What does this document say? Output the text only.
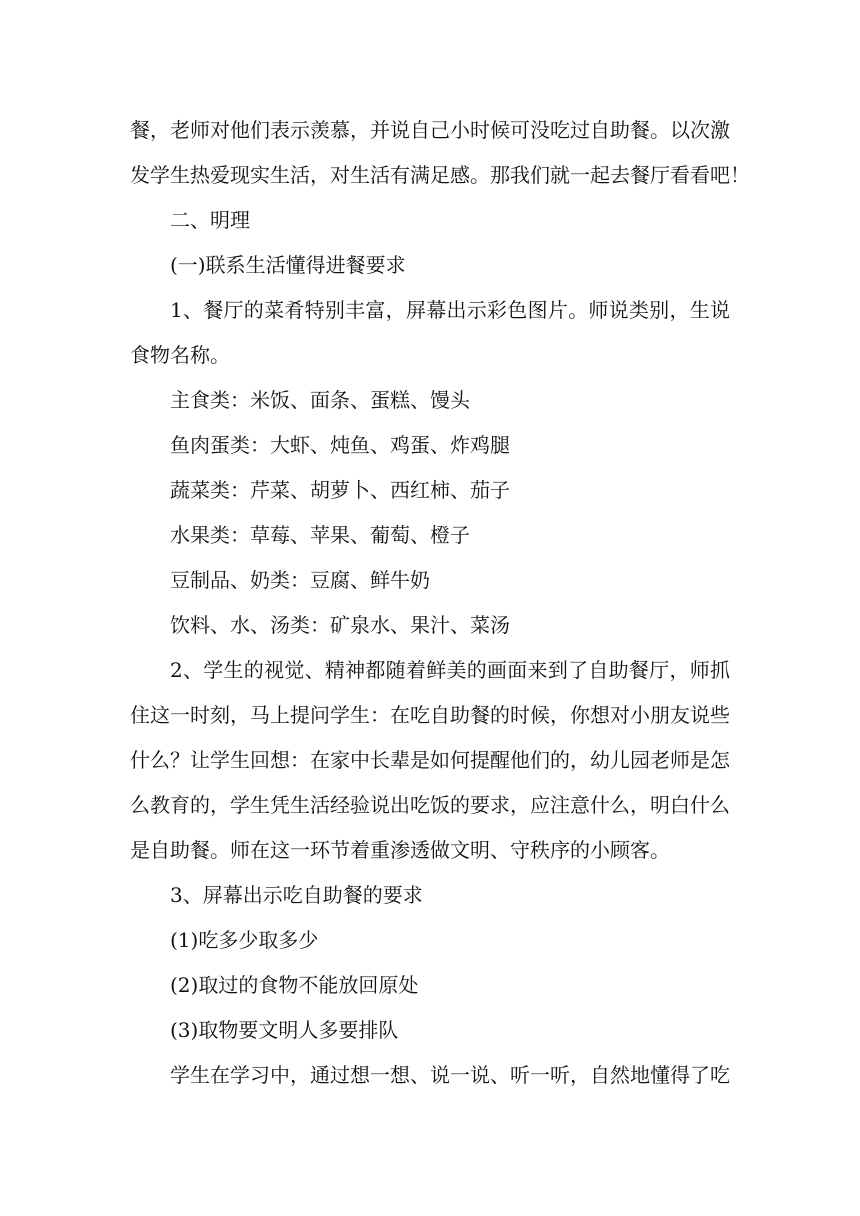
餐，老师对他们表示羡慕，并说自己小时候可没吃过自助餐。以次激
发学生热爱现实生活，对生活有满足感。那我们就一起去餐厅看看吧！
二、明理
(一)联系生活懂得进餐要求
1、餐厅的菜肴特别丰富，屏幕出示彩色图片。师说类别，生说
食物名称。
主食类：米饭、面条、蛋糕、馒头
鱼肉蛋类：大虾、炖鱼、鸡蛋、炸鸡腿
蔬菜类：芹菜、胡萝卜、西红柿、茄子
水果类：草莓、苹果、葡萄、橙子
豆制品、奶类：豆腐、鲜牛奶
饮料、水、汤类：矿泉水、果汁、菜汤
2、学生的视觉、精神都随着鲜美的画面来到了自助餐厅，师抓
住这一时刻，马上提问学生：在吃自助餐的时候，你想对小朋友说些
什么？让学生回想：在家中长辈是如何提醒他们的，幼儿园老师是怎
么教育的，学生凭生活经验说出吃饭的要求，应注意什么，明白什么
是自助餐。师在这一环节着重渗透做文明、守秩序的小顾客。
3、屏幕出示吃自助餐的要求
(1)吃多少取多少
(2)取过的食物不能放回原处
(3)取物要文明人多要排队
学生在学习中，通过想一想、说一说、听一听，自然地懂得了吃
